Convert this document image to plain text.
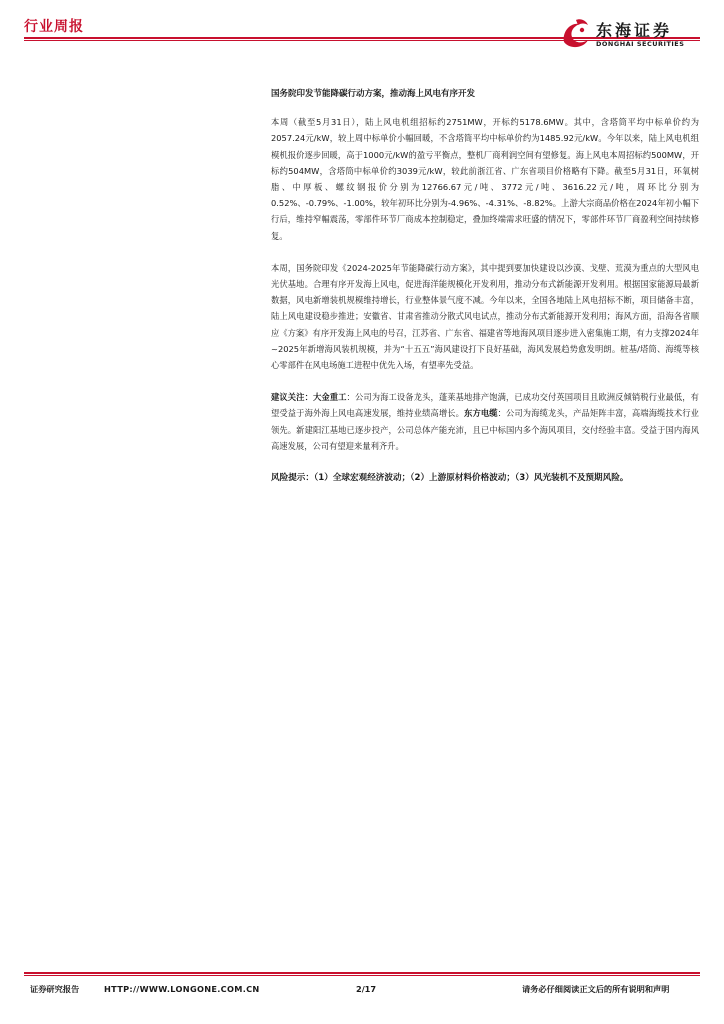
行业周报	东海证券
DONGHAI SECURITIES

国务院印发节能降碳行动方案，推动海上风电有序开发

本周（截至5月31日），陆上风电机组招标约2751MW，开标约5178.6MW。其中，含塔筒平均中标单价约为2057.24元/kW，较上周中标单价小幅回暖，不含塔筒平均中标单价约为1485.92元/kW。今年以来，陆上风电机组模机报价逐步回暖，高于1000元/kW的盈亏平衡点，整机厂商利润空间有望修复。海上风电本周招标约500MW，开标约504MW，含塔筒中标单价约3039元/kW，较此前浙江省、广东省项目价格略有下降。截至5月31日，环氧树脂、中厚板、螺纹钢报价分别为12766.67元/吨、3772元/吨、3616.22元/吨，周环比分别为0.52%、-0.79%、-1.00%，较年初环比分别为-4.96%、-4.31%、-8.82%。上游大宗商品价格在2024年初小幅下行后，维持窄幅震荡，零部件环节厂商成本控制稳定，叠加终端需求旺盛的情况下，零部件环节厂商盈利空间持续修复。

本周，国务院印发《2024-2025年节能降碳行动方案》，其中提到要加快建设以沙漠、戈壁、荒漠为重点的大型风电光伏基地。合理有序开发海上风电，促进海洋能规模化开发利用，推动分布式新能源开发利用。根据国家能源局最新数据，风电新增装机规模维持增长，行业整体景气度不减。今年以来，全国各地陆上风电招标不断，项目储备丰富，陆上风电建设稳步推进；安徽省、甘肃省推动分散式风电试点，推动分布式新能源开发利用；海风方面，沿海各省顺应《方案》有序开发海上风电的号召，江苏省、广东省、福建省等地海风项目逐步进入密集施工期，有力支撑2024年~2025年新增海风装机规模，并为“十五五”海风建设打下良好基础，海风发展趋势愈发明朗。桩基/塔筒、海缆等核心零部件在风电场施工进程中优先入场，有望率先受益。

建议关注：大金重工：公司为海工设备龙头，蓬莱基地排产饱满，已成功交付英国项目且欧洲反倾销税行业最低，有望受益于海外海上风电高速发展，维持业绩高增长。东方电缆：公司为海缆龙头，产品矩阵丰富，高端海缆技术行业领先。新建阳江基地已逐步投产，公司总体产能充沛，且已中标国内多个海风项目，交付经验丰富。受益于国内海风高速发展，公司有望迎来量利齐升。

风险提示：（1）全球宏观经济波动；（2）上游原材料价格波动；（3）风光装机不及预期风险。

证券研究报告	HTTP://WWW.LONGONE.COM.CN	2/17	请务必仔细阅读正文后的所有说明和声明
